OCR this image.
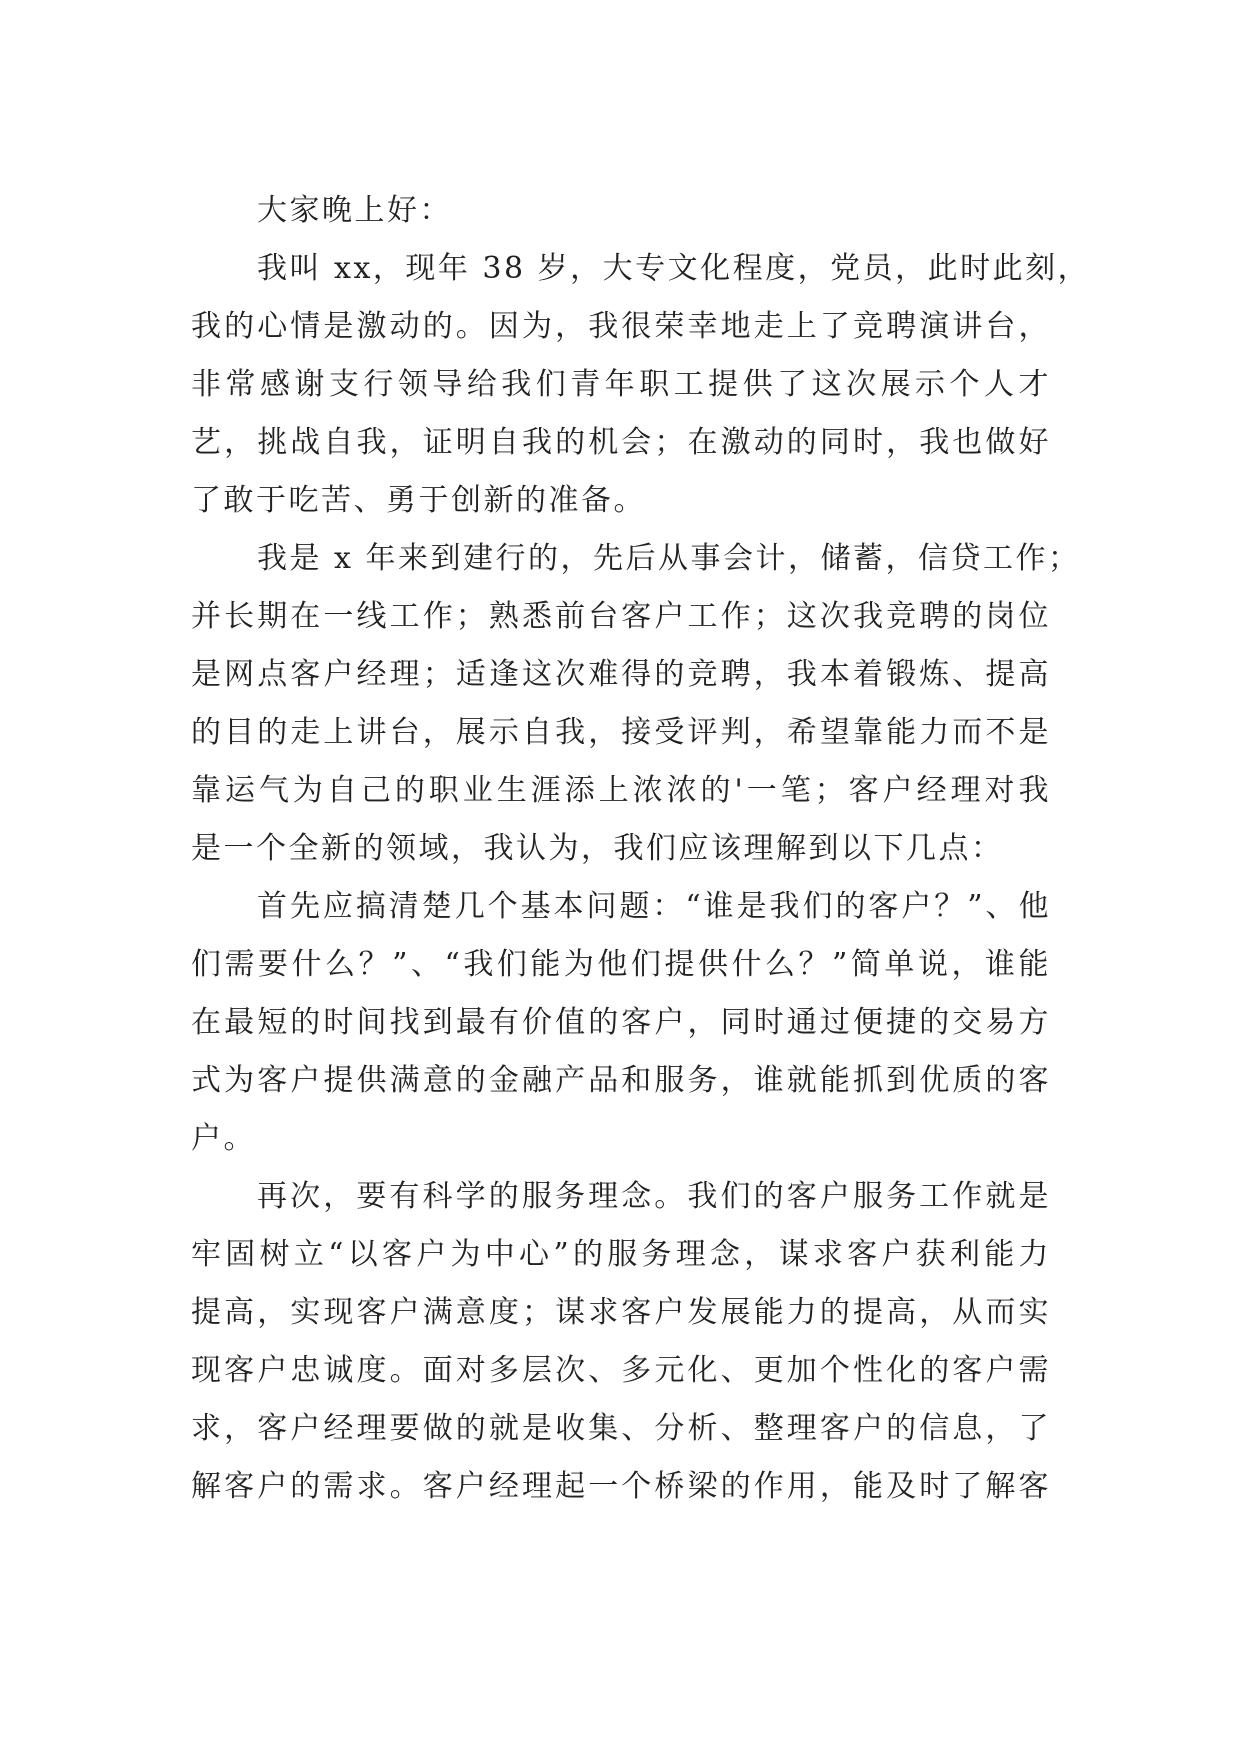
大家晚上好：
我叫 xx，现年 38 岁，大专文化程度，党员，此时此刻，
我的心情是激动的。因为，我很荣幸地走上了竞聘演讲台，
非常感谢支行领导给我们青年职工提供了这次展示个人才
艺，挑战自我，证明自我的机会；在激动的同时，我也做好
了敢于吃苦、勇于创新的准备。
我是 x 年来到建行的，先后从事会计，储蓄，信贷工作；
并长期在一线工作；熟悉前台客户工作；这次我竞聘的岗位
是网点客户经理；适逢这次难得的竞聘，我本着锻炼、提高
的目的走上讲台，展示自我，接受评判，希望靠能力而不是
靠运气为自己的职业生涯添上浓浓的'一笔；客户经理对我
是一个全新的领域，我认为，我们应该理解到以下几点：
首先应搞清楚几个基本问题：“谁是我们的客户？”、他
们需要什么？”、“我们能为他们提供什么？”简单说，谁能
在最短的时间找到最有价值的客户，同时通过便捷的交易方
式为客户提供满意的金融产品和服务，谁就能抓到优质的客
户。
再次，要有科学的服务理念。我们的客户服务工作就是
牢固树立“以客户为中心”的服务理念，谋求客户获利能力
提高，实现客户满意度；谋求客户发展能力的提高，从而实
现客户忠诚度。面对多层次、多元化、更加个性化的客户需
求，客户经理要做的就是收集、分析、整理客户的信息，了
解客户的需求。客户经理起一个桥梁的作用，能及时了解客
